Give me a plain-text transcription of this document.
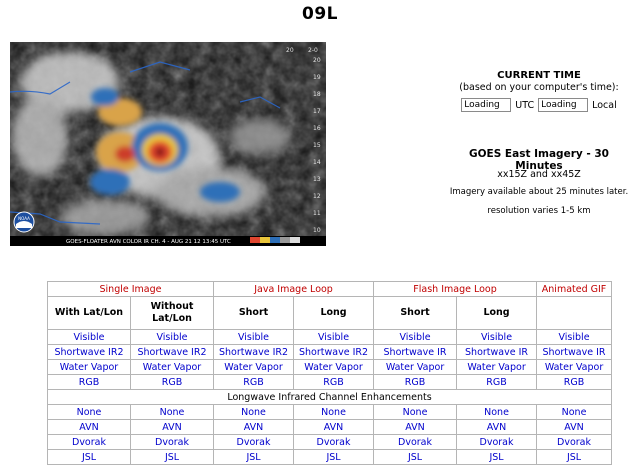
09L
GOES-FLOATER AVN COLOR IR CH. 4 - AUG 21 12 13:45 UTC
20
19
18
17
16
15
14
13
12
11
10
20 2-0
NOAA
CURRENT TIME
(based on your computer's time):
Loading
UTC
Loading	Local
GOES East Imagery - 30 Minutes
xx15Z and xx45Z
Imagery available about 25 minutes later.
resolution varies 1-5 km
Single Image		Java Image Loop		Flash Image Loop		Animated GIF
With Lat/Lon	Without Lat/Lon	Short	Long	Short	Long	
Visible	Visible	Visible	Visible	Visible	Visible	Visible
Shortwave IR2	Shortwave IR2	Shortwave IR2	Shortwave IR2	Shortwave IR	Shortwave IR	Shortwave IR
Water Vapor	Water Vapor	Water Vapor	Water Vapor	Water Vapor	Water Vapor	Water Vapor
RGB	RGB	RGB	RGB	RGB	RGB	RGB
Longwave Infrared Channel Enhancements						
None	None	None	None	None	None	None
AVN	AVN	AVN	AVN	AVN	AVN	AVN
Dvorak	Dvorak	Dvorak	Dvorak	Dvorak	Dvorak	Dvorak
JSL	JSL	JSL	JSL	JSL	JSL	JSL
